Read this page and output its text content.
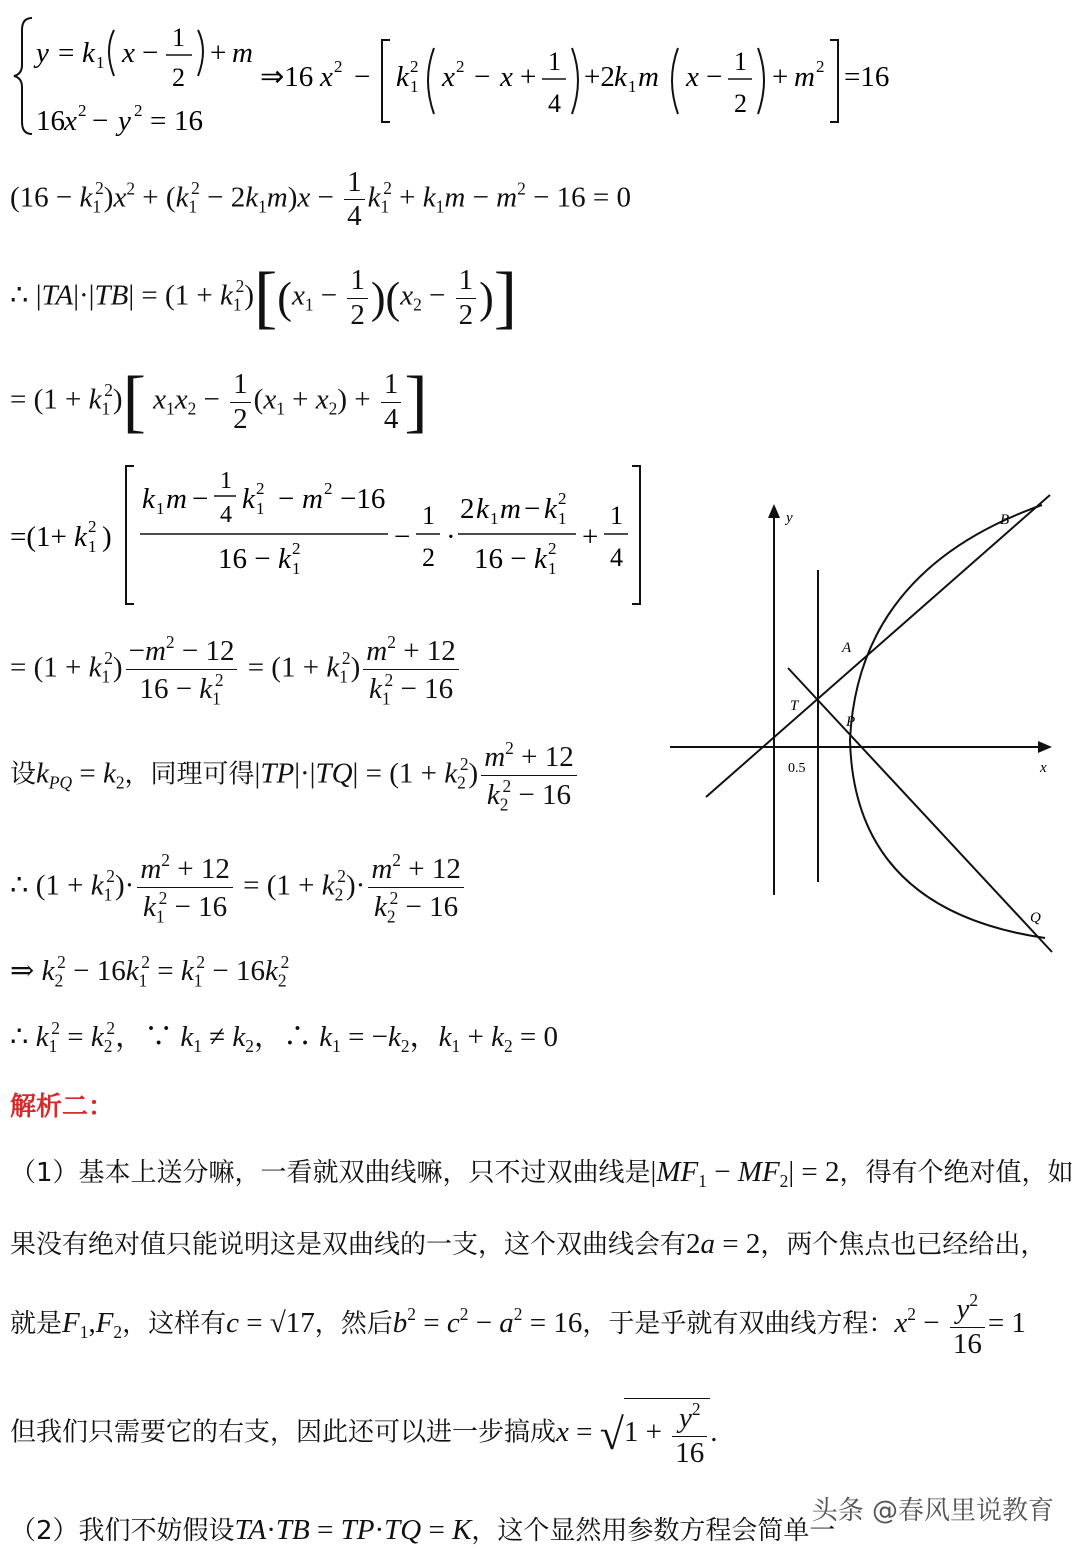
y = k 1 x − 1
2
+ m
16 x 2 − y 2 = 16
⇒16 x 2 − k 2
1 x 2 − x + 1
4
+2 k 1 m x − 1
2
+ m 2 =16
$(16 - k_1^2)x^2 + (k_1^2 - 2k_1m)x - \frac{1}{4} k_1^2 + k_1m - m^2 - 16 = 0$
∴ $|TA|\cdot|TB| = (1 + k_1^2)[(x_1 - \frac{1}{2} )(x_2 - \frac{1}{2}$ )]
= $(1 + k_1^2)$[ $x_1x_2 - \frac{1}{2} (x_1 + x_2) + \frac{1}{4}$ ]
=(1+ k 2
1 )
k 1 m −
1
4 k 2
1 − m 2 −16
16 − k 2
1
−
1
2
·
2 k 1 m − k 2
1
16 − k 2
1
+
1
4
= $(1 + k_1^2) \frac{-m^2 - 12}{16 - k_1^2} = (1 + k_1^2) \frac{m^2 + 12}{k_1^2 - 16}$
设$k_{PQ} = k_2$，同理可得$|TP|\cdot|TQ| = (1 + k_2^2) \frac{m^2 + 12}{k_2^2 - 16}$
∴ $(1 + k_1^2)\cdot \frac{m^2 + 12}{k_1^2 - 16} = (1 + k_2^2)\cdot \frac{m^2 + 12}{k_2^2 - 16}$
⇒ $k_2^2 - 16k_1^2 = k_1^2 - 16k_2^2$
∴ $k_1^2 = k_2^2$，∵ $k_1 \ne k_2$，∴ $k_1 = -k_2$，$k_1 + k_2 = 0$
x
y
0.5
B
A
T
P
Q
解析二：
（1）基本上送分嘛，一看就双曲线嘛，只不过双曲线是$|MF_1 - MF_2| = 2$，得有个绝对值，如
果没有绝对值只能说明这是双曲线的一支，这个双曲线会有2a = 2，两个焦点也已经给出，
就是$F_1,F_2$，这样有c = √17，然后$b^2 = c^2 - a^2 = 16$，于是乎就有双曲线方程：$x^2 - \frac{y^2}{16} = 1$
但我们只需要它的右支，因此还可以进一步搞成$x = √1 + \frac{y^2}{16}$ .
（2）我们不妨假设TA·TB = TP·TQ = K，这个显然用参数方程会简单一
头条 @春风里说教育
